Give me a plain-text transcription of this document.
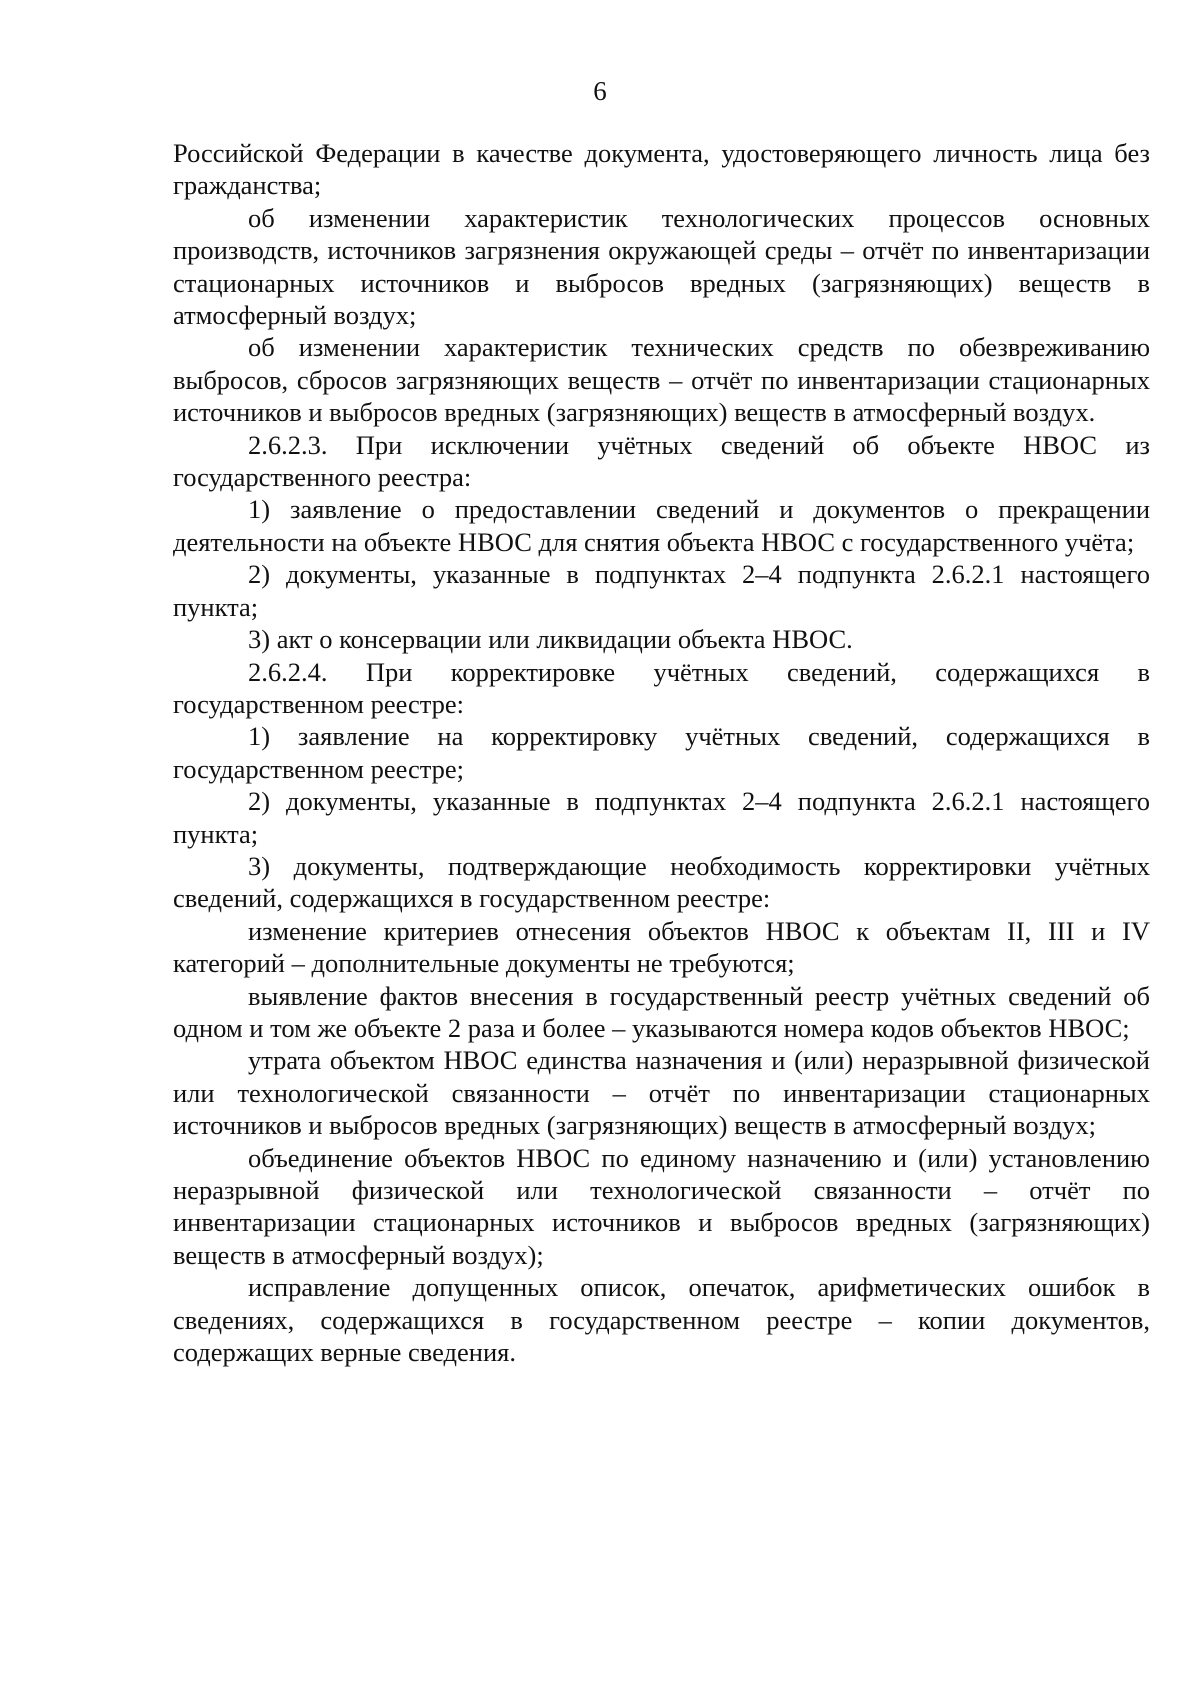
6

Российской Федерации в качестве документа, удостоверяющего личность лица без гражданства;

об изменении характеристик технологических процессов основных производств, источников загрязнения окружающей среды – отчёт по инвентаризации стационарных источников и выбросов вредных (загрязняющих) веществ в атмосферный воздух;

об изменении характеристик технических средств по обезвреживанию выбросов, сбросов загрязняющих веществ – отчёт по инвентаризации стационарных источников и выбросов вредных (загрязняющих) веществ в атмосферный воздух.

2.6.2.3. При исключении учётных сведений об объекте НВОС из государственного реестра:

1) заявление о предоставлении сведений и документов о прекращении деятельности на объекте НВОС для снятия объекта НВОС с государственного учёта;

2) документы, указанные в подпунктах 2–4 подпункта 2.6.2.1 настоящего пункта;

3) акт о консервации или ликвидации объекта НВОС.

2.6.2.4. При корректировке учётных сведений, содержащихся в государственном реестре:

1) заявление на корректировку учётных сведений, содержащихся в государственном реестре;

2) документы, указанные в подпунктах 2–4 подпункта 2.6.2.1 настоящего пункта;

3) документы, подтверждающие необходимость корректировки учётных сведений, содержащихся в государственном реестре:

изменение критериев отнесения объектов НВОС к объектам II, III и IV категорий – дополнительные документы не требуются;

выявление фактов внесения в государственный реестр учётных сведений об одном и том же объекте 2 раза и более – указываются номера кодов объектов НВОС;

утрата объектом НВОС единства назначения и (или) неразрывной физической или технологической связанности – отчёт по инвентаризации стационарных источников и выбросов вредных (загрязняющих) веществ в атмосферный воздух;

объединение объектов НВОС по единому назначению и (или) установлению неразрывной физической или технологической связанности – отчёт по инвентаризации стационарных источников и выбросов вредных (загрязняющих) веществ в атмосферный воздух);

исправление допущенных описок, опечаток, арифметических ошибок в сведениях, содержащихся в государственном реестре – копии документов, содержащих верные сведения.
